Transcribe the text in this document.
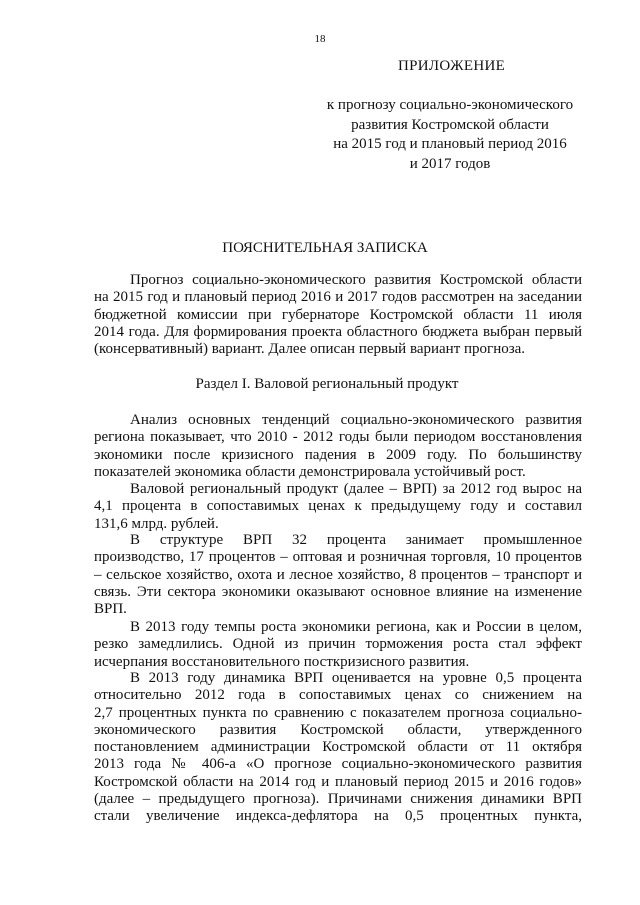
18
ПРИЛОЖЕНИЕ
к прогнозу социально-экономического
развития Костромской области
на 2015 год и плановый период 2016
и 2017 годов
ПОЯСНИТЕЛЬНАЯ ЗАПИСКА
Прогноз социально-экономического развития Костромской области
на 2015 год и плановый период 2016 и 2017 годов рассмотрен на заседании
бюджетной комиссии при губернаторе Костромской области 11 июля
2014 года. Для формирования проекта областного бюджета выбран первый
(консервативный) вариант. Далее описан первый вариант прогноза.
Раздел I. Валовой региональный продукт
Анализ основных тенденций социально-экономического развития
региона показывает, что 2010 - 2012 годы были периодом восстановления
экономики после кризисного падения в 2009 году. По большинству
показателей экономика области демонстрировала устойчивый рост.
Валовой региональный продукт (далее – ВРП) за 2012 год вырос на
4,1 процента в сопоставимых ценах к предыдущему году и составил
131,6 млрд. рублей.
В структуре ВРП 32 процента занимает промышленное
производство, 17 процентов – оптовая и розничная торговля, 10 процентов
– сельское хозяйство, охота и лесное хозяйство, 8 процентов – транспорт и
связь. Эти сектора экономики оказывают основное влияние на изменение
ВРП.
В 2013 году темпы роста экономики региона, как и России в целом,
резко замедлились. Одной из причин торможения роста стал эффект
исчерпания восстановительного посткризисного развития.
В 2013 году динамика ВРП оценивается на уровне 0,5 процента
относительно 2012 года в сопоставимых ценах со снижением на
2,7 процентных пункта по сравнению с показателем прогноза социально-
экономического развития Костромской области, утвержденного
постановлением администрации Костромской области от 11 октября
2013 года № 406-а «О прогнозе социально-экономического развития
Костромской области на 2014 год и плановый период 2015 и 2016 годов»
(далее – предыдущего прогноза). Причинами снижения динамики ВРП
стали увеличение индекса-дефлятора на 0,5 процентных пункта,
